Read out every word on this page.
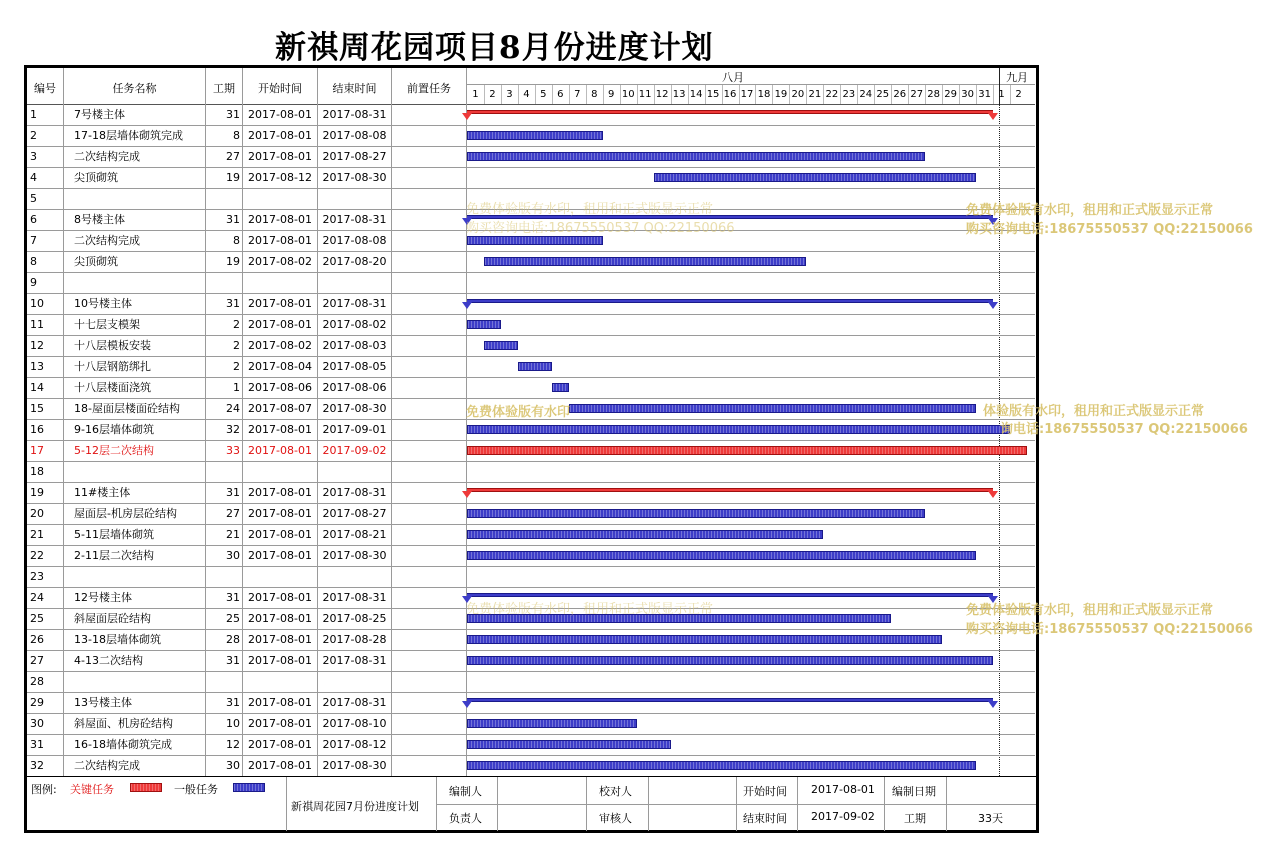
新祺周花园项目8月份进度计划
编号	任务名称	工期	开始时间	结束时间	前置任务
八月	九月
1	2	3	4	5	6	7	8	9 10 11 12 13 14 15 16 17 18 19 20 21 22 23 24 25 26 27 28 29 30 31 1	2
1	7号楼主体	31 2017-08-01 2017-08-31
2	17-18层墙体砌筑完成	8 2017-08-01 2017-08-08
3	二次结构完成	27 2017-08-01 2017-08-27
4	尖顶砌筑	19 2017-08-12 2017-08-30
5
6	8号楼主体	31 2017-08-01 2017-08-31
7	二次结构完成	8 2017-08-01 2017-08-08
8	尖顶砌筑	19 2017-08-02 2017-08-20
9
10	10号楼主体	31 2017-08-01 2017-08-31
11	十七层支模架	2 2017-08-01 2017-08-02
12	十八层模板安装	2 2017-08-02 2017-08-03
13	十八层钢筋绑扎	2 2017-08-04 2017-08-05
14	十八层楼面浇筑	1 2017-08-06 2017-08-06
15	18-屋面层楼面砼结构	24 2017-08-07 2017-08-30
16	9-16层墙体砌筑	32 2017-08-01 2017-09-01
17	5-12层二次结构	33 2017-08-01 2017-09-02
18
19	11#楼主体	31 2017-08-01 2017-08-31
20	屋面层-机房层砼结构	27 2017-08-01 2017-08-27
21	5-11层墙体砌筑	21 2017-08-01 2017-08-21
22	2-11层二次结构	30 2017-08-01 2017-08-30
23
24	12号楼主体	31 2017-08-01 2017-08-31
25	斜屋面层砼结构	25 2017-08-01 2017-08-25
26	13-18层墙体砌筑	28 2017-08-01 2017-08-28
27	4-13二次结构	31 2017-08-01 2017-08-31
28
29	13号楼主体	31 2017-08-01 2017-08-31
30	斜屋面、机房砼结构	10 2017-08-01 2017-08-10
31	16-18墙体砌筑完成	12 2017-08-01 2017-08-12
32	二次结构完成	30 2017-08-01 2017-08-30
免费体验版有水印，租用和正式版显示正常
购买咨询电话:18675550537 QQ:22150066
免费体验版有水印，租用和正式版显示正常
购买咨询电话:18675550537 QQ:22150066
免费体验版有水印	体验版有水印，租用和正式版显示正常
询电话:18675550537 QQ:22150066
免费体验版有水印，租用和正式版显示正常	免费体验版有水印，租用和正式版显示正常
购买咨询电话:18675550537 QQ:22150066
图例: 关键任务	一般任务
新祺周花园7月份进度计划
编制人
负责人
校对人
审核人
开始时间 2017-08-01
结束时间 2017-09-02
编制日期
工期	33天
